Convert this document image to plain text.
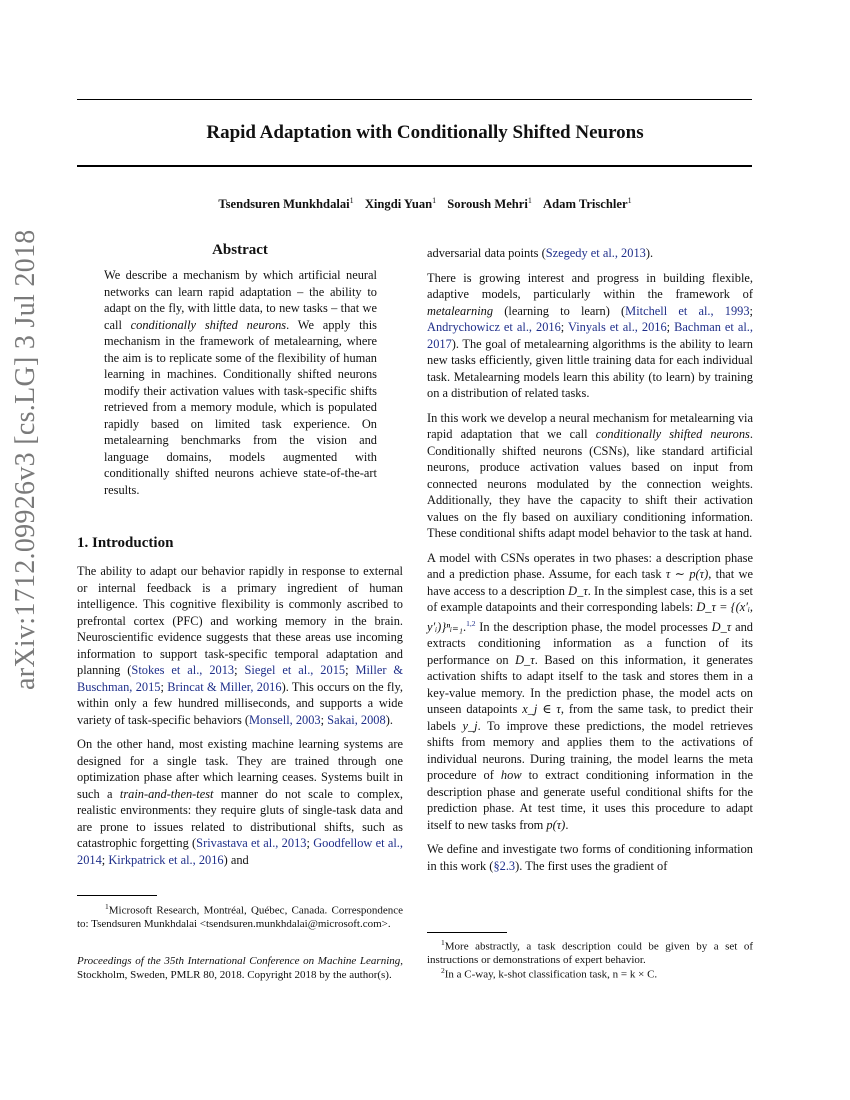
arXiv:1712.09926v3 [cs.LG] 3 Jul 2018
Rapid Adaptation with Conditionally Shifted Neurons
Tsendsuren Munkhdalai$^1$ Xingdi Yuan$^1$ Soroush Mehri$^1$ Adam Trischler$^1$
Abstract
We describe a mechanism by which artificial neural networks can learn rapid adaptation – the ability to adapt on the fly, with little data, to new tasks – that we call conditionally shifted neurons. We apply this mechanism in the framework of metalearning, where the aim is to replicate some of the flexibility of human learning in machines. Conditionally shifted neurons modify their activation values with task-specific shifts retrieved from a memory module, which is populated rapidly based on limited task experience. On metalearning benchmarks from the vision and language domains, models augmented with conditionally shifted neurons achieve state-of-the-art results.
1. Introduction

The ability to adapt our behavior rapidly in response to external or internal feedback is a primary ingredient of human intelligence. This cognitive flexibility is commonly ascribed to prefrontal cortex (PFC) and working memory in the brain. Neuroscientific evidence suggests that these areas use incoming information to support task-specific temporal adaptation and planning (Stokes et al., 2013; Siegel et al., 2015; Miller & Buschman, 2015; Brincat & Miller, 2016). This occurs on the fly, within only a few hundred milliseconds, and supports a wide variety of task-specific behaviors (Monsell, 2003; Sakai, 2008).

On the other hand, most existing machine learning systems are designed for a single task. They are trained through one optimization phase after which learning ceases. Systems built in such a train-and-then-test manner do not scale to complex, realistic environments: they require gluts of single-task data and are prone to issues related to distributional shifts, such as catastrophic forgetting (Srivastava et al., 2013; Goodfellow et al., 2014; Kirkpatrick et al., 2016) and

$^1$Microsoft Research, Montréal, Québec, Canada. Correspondence to: Tsendsuren Munkhdalai <tsendsuren.munkhdalai@microsoft.com>.
Proceedings of the 35th International Conference on Machine Learning, Stockholm, Sweden, PMLR 80, 2018. Copyright 2018 by the author(s).

adversarial data points (Szegedy et al., 2013).

There is growing interest and progress in building flexible, adaptive models, particularly within the framework of metalearning (learning to learn) (Mitchell et al., 1993; Andrychowicz et al., 2016; Vinyals et al., 2016; Bachman et al., 2017). The goal of metalearning algorithms is the ability to learn new tasks efficiently, given little training data for each individual task. Metalearning models learn this ability (to learn) by training on a distribution of related tasks.

In this work we develop a neural mechanism for metalearning via rapid adaptation that we call conditionally shifted neurons. Conditionally shifted neurons (CSNs), like standard artificial neurons, produce activation values based on input from connected neurons modulated by the connection weights. Additionally, they have the capacity to shift their activation values on the fly based on auxiliary conditioning information. These conditional shifts adapt model behavior to the task at hand.

A model with CSNs operates in two phases: a description phase and a prediction phase. Assume, for each task τ ∼ p(τ), that we have access to a description D_τ. In the simplest case, this is a set of example datapoints and their corresponding labels: D_τ = {(x′ᵢ, y′ᵢ)}ⁿᵢ₌₁.$^{1,2}$ In the description phase, the model processes D_τ and extracts conditioning information as a function of its performance on D_τ. Based on this information, it generates activation shifts to adapt itself to the task and stores them in a key-value memory. In the prediction phase, the model acts on unseen datapoints x_j ∈ τ, from the same task, to predict their labels y_j. To improve these predictions, the model retrieves shifts from memory and applies them to the activations of individual neurons. During training, the model learns the meta procedure of how to extract conditioning information in the description phase and generate useful conditional shifts for the prediction phase. At test time, it uses this procedure to adapt itself to new tasks from p(τ).

We define and investigate two forms of conditioning information in this work (§2.3). The first uses the gradient of

$^1$More abstractly, a task description could be given by a set of instructions or demonstrations of expert behavior.
$^2$In a C-way, k-shot classification task, n = k × C.
